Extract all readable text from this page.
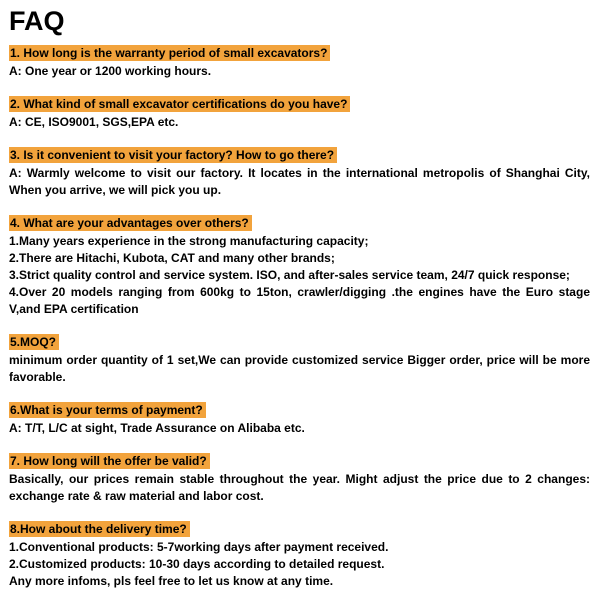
FAQ
1. How long is the warranty period of small excavators?

A: One year or 1200 working hours.

2. What kind of small excavator certifications do you have?

A: CE, ISO9001, SGS,EPA etc.

3. Is it convenient to visit your factory? How to go there?

A: Warmly welcome to visit our factory. It locates in the international metropolis of Shanghai City, When you arrive, we will pick you up.

4. What are your advantages over others?

1.Many years experience in the strong manufacturing capacity;

2.There are Hitachi, Kubota, CAT and many other brands;

3.Strict quality control and service system. ISO, and after-sales service team, 24/7 quick response;

4.Over 20 models ranging from 600kg to 15ton, crawler/digging .the engines have the Euro stage V,and EPA certification

5.MOQ?

minimum order quantity of 1 set,We can provide customized service Bigger order, price will be more favorable.

6.What is your terms of payment?

A: T/T, L/C at sight, Trade Assurance on Alibaba etc.

7. How long will the offer be valid?

Basically, our prices remain stable throughout the year. Might adjust the price due to 2 changes: exchange rate & raw material and labor cost.

8.How about the delivery time?

1.Conventional products: 5-7working days after payment received.

2.Customized products: 10-30 days according to detailed request.

Any more infoms, pls feel free to let us know at any time.
